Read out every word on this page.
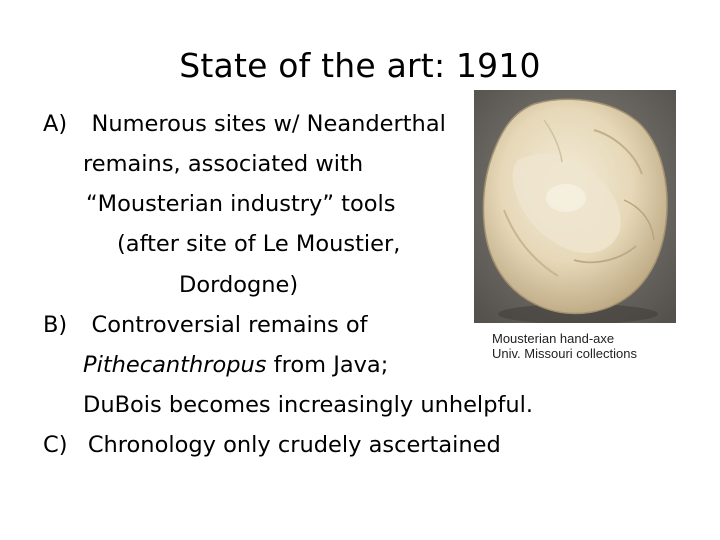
State of the art: 1910
A) Numerous sites w/ Neanderthal
remains, associated with
“Mousterian industry” tools
(after site of Le Moustier,
Dordogne)
B) Controversial remains of
Pithecanthropus from Java;
DuBois becomes increasingly unhelpful.
C) Chronology only crudely ascertained
Mousterian hand-axe
Univ. Missouri collections
